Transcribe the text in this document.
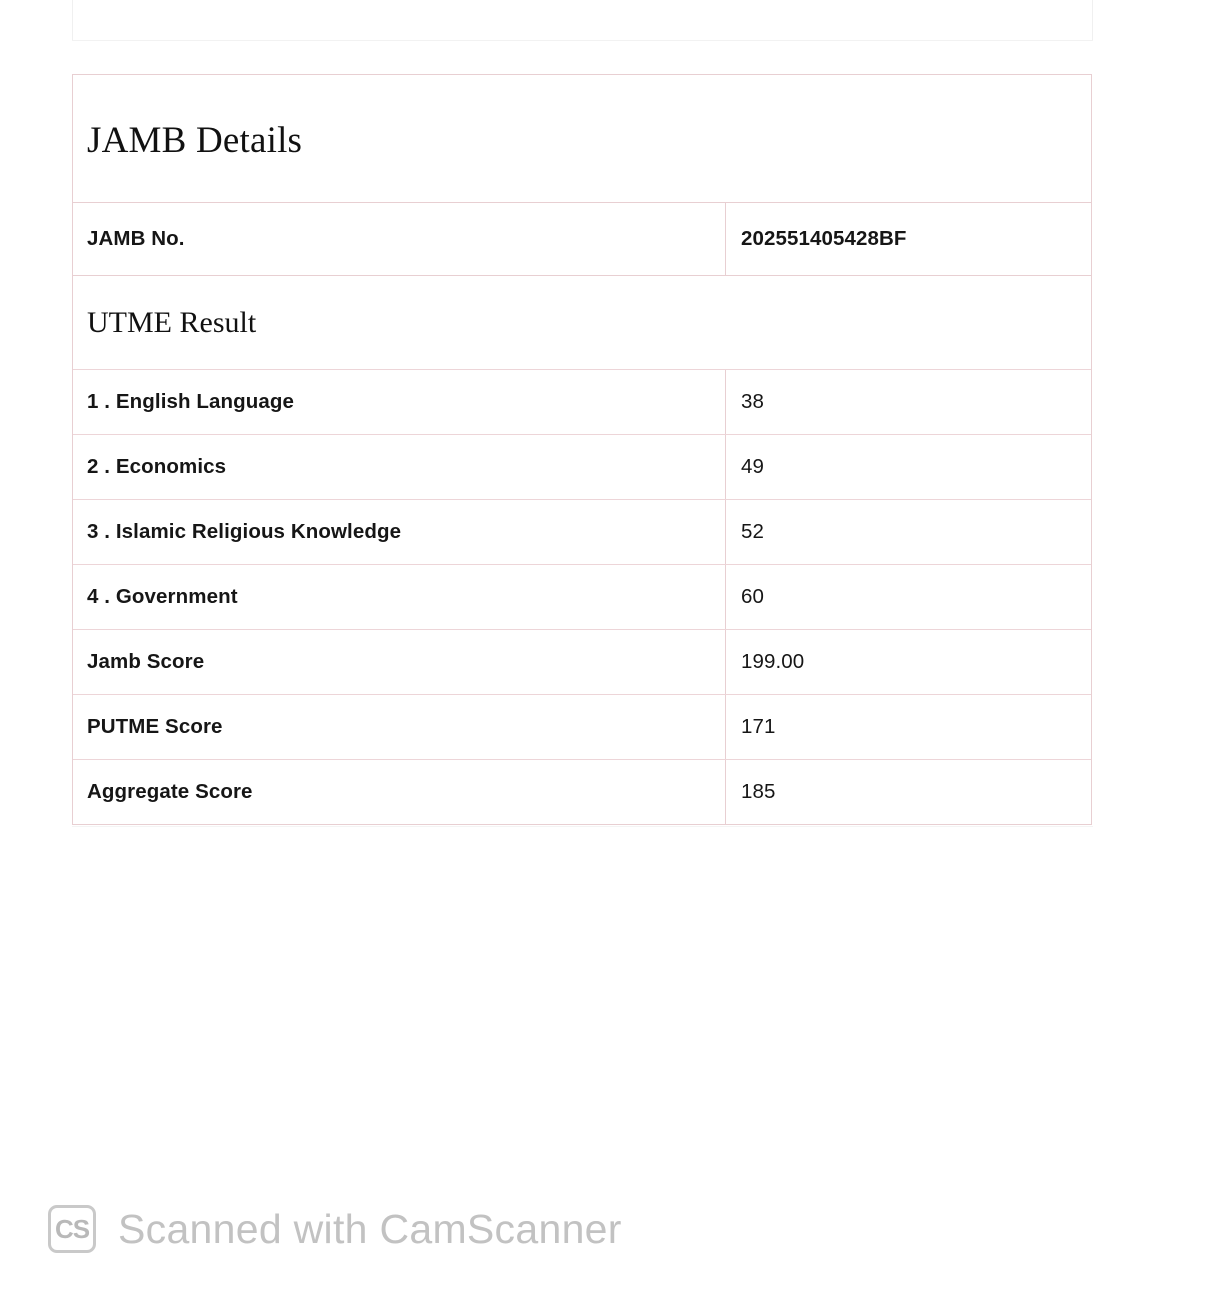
JAMB Details
JAMB No.	202551405428BF
UTME Result
1 . English Language	38
2 . Economics	49
3 . Islamic Religious Knowledge	52
4 . Government	60
Jamb Score	199.00
PUTME Score	171
Aggregate Score	185
CS Scanned with CamScanner
